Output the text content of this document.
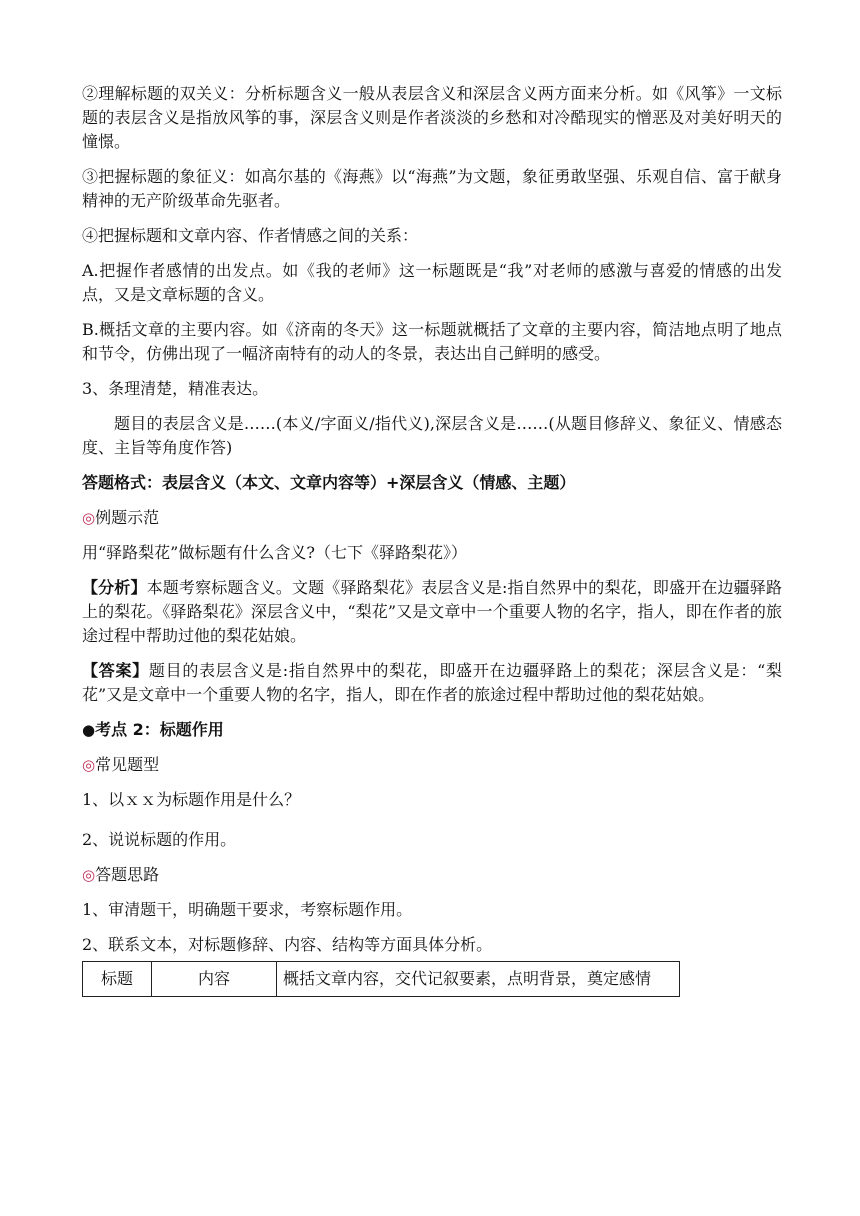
②理解标题的双关义：分析标题含义一般从表层含义和深层含义两方面来分析。如《风筝》一文标题的表层含义是指放风筝的事，深层含义则是作者淡淡的乡愁和对冷酷现实的憎恶及对美好明天的憧憬。

③把握标题的象征义：如高尔基的《海燕》以“海燕”为文题，象征勇敢坚强、乐观自信、富于献身精神的无产阶级革命先驱者。

④把握标题和文章内容、作者情感之间的关系：

A.把握作者感情的出发点。如《我的老师》这一标题既是“我”对老师的感激与喜爱的情感的出发点，又是文章标题的含义。

B.概括文章的主要内容。如《济南的冬天》这一标题就概括了文章的主要内容，简洁地点明了地点和节令，仿佛出现了一幅济南特有的动人的冬景，表达出自己鲜明的感受。

3、条理清楚，精准表达。

题目的表层含义是……(本义/字面义/指代义),深层含义是……(从题目修辞义、象征义、情感态度、主旨等角度作答)

答题格式：表层含义（本文、文章内容等）+深层含义（情感、主题）

◎例题示范

用“驿路梨花”做标题有什么含义?（七下《驿路梨花》）

【分析】本题考察标题含义。文题《驿路梨花》表层含义是:指自然界中的梨花，即盛开在边疆驿路上的梨花。《驿路梨花》深层含义中，“梨花”又是文章中一个重要人物的名字，指人，即在作者的旅途过程中帮助过他的梨花姑娘。

【答案】题目的表层含义是:指自然界中的梨花，即盛开在边疆驿路上的梨花；深层含义是：“梨花”又是文章中一个重要人物的名字，指人，即在作者的旅途过程中帮助过他的梨花姑娘。

●考点 2：标题作用

◎常见题型

1、以ｘｘ为标题作用是什么？

2、说说标题的作用。

◎答题思路

1、审清题干，明确题干要求，考察标题作用。

2、联系文本，对标题修辞、内容、结构等方面具体分析。

标题	内容	概括文章内容，交代记叙要素，点明背景，奠定感情
